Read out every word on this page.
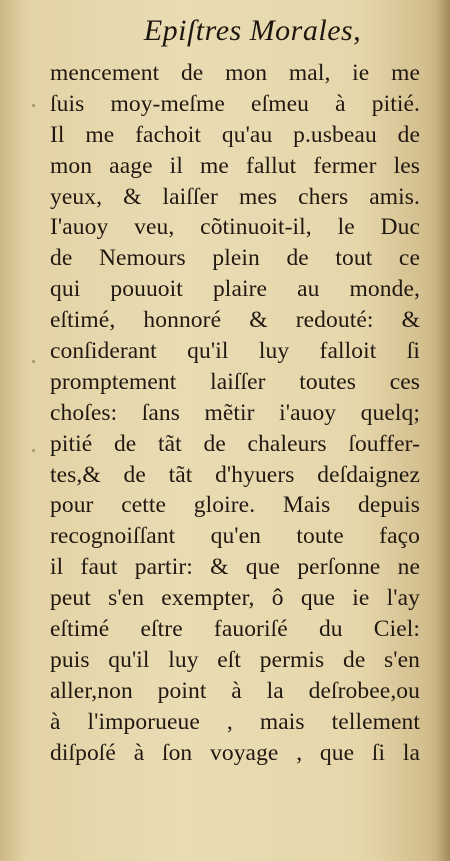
Epiſtres Morales,
mencement de mon mal, ie me
ſuis moy-meſme eſmeu à pitié.
Il me fachoit qu'au p.usbeau de
mon aage il me fallut fermer les
yeux, & laiſſer mes chers amis.
I'auoy veu, cõtinuoit-il, le Duc
de Nemours plein de tout ce
qui pouuoit plaire au monde,
eſtimé, honnoré & redouté: &
conſiderant qu'il luy falloit ſi
promptement laiſſer toutes ces
choſes: ſans mẽtir i'auoy quelq;
pitié de tãt de chaleurs ſouffer-
tes,& de tãt d'hyuers deſdaignez
pour cette gloire. Mais depuis
recognoiſſant qu'en toute faço
il faut partir: & que perſonne ne
peut s'en exempter, ô que ie l'ay
eſtimé eſtre fauoriſé du Ciel:
puis qu'il luy eſt permis de s'en
aller,non point à la deſrobee,ou
à l'imporueue , mais tellement
diſpoſé à ſon voyage , que ſi la
